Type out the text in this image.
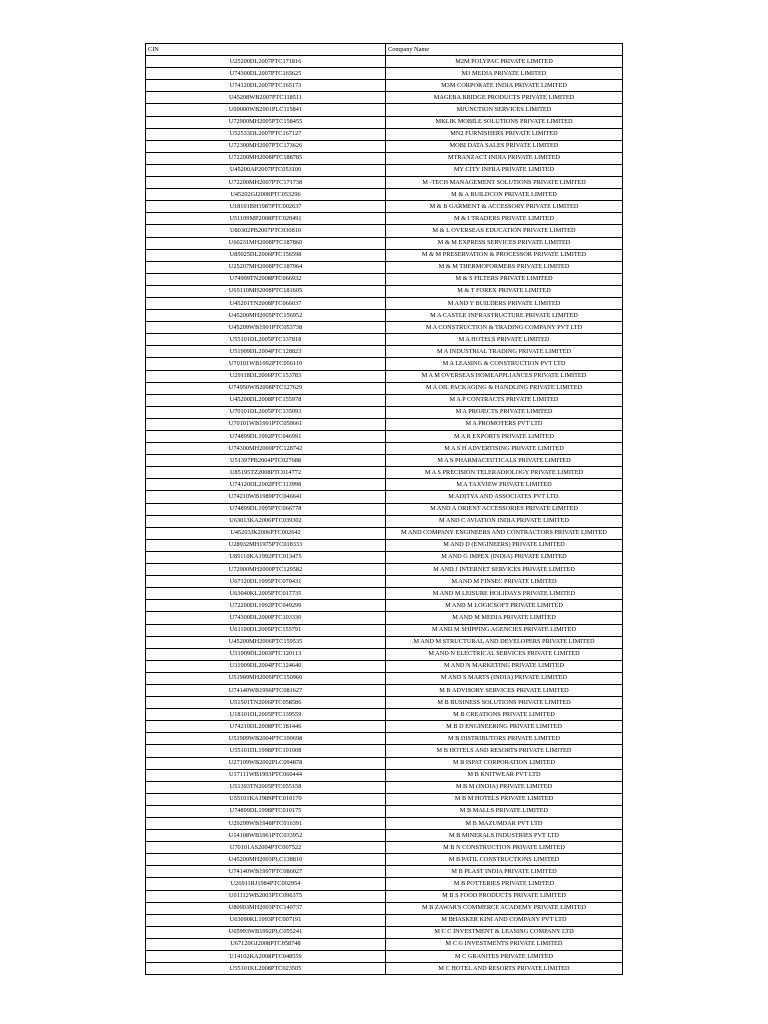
CIN	Company Name
U25200DL2007PTC171816	M2M POLYPAC PRIVATE LIMITED
U74300DL2007PTC165625	M3 MEDIA PRIVATE LIMITED
U74120DL2007PTC165173	M3M CORPORATE INDIA PRIVATE LIMITED
U45208WB2007PTC118511	MAGEBA BRIDGE PRODUCTS PRIVATE LIMITED
U00000WB2001PLC115841	MJUNCTION SERVICES LIMITED
U72900MH2005PTC158455	MKLIK MOBILE SOLUTIONS PRIVATE LIMITED
U52533DL2007PTC167127	MN2 FURNISHERS PRIVATE LIMITED
U72300MH2007PTC173626	MOBI DATA SALES PRIVATE LIMITED
U72200MH2008PTC188785	MTRANZACT INDIA PRIVATE LIMITED
U45200AP2007PTC053100	MY CITY INFRA PRIVATE LIMITED
U72200MH2007PTC171738	M -TECH MANAGEMENT SOLUTIONS PRIVATE LIMITED
U45202GJ2008PTC053296	M & A BUILDCON PRIVATE LIMITED
U18101BH1987PTC002637	M & B GARMENT & ACCESSORY PRIVATE LIMITED
U51109MP2008PTC020491	M & I TRADERS PRIVATE LIMITED
U80302PB2007PTC030810	M & L OVERSEAS EDUCATION PRIVATE LIMITED
U60231MH2008PTC187860	M & M EXPRESS SERVICES PRIVATE LIMITED
U85025DL2006PTC156598	M & M PRESERVATION & PROCESSOR PRIVATE LIMITED
U25207MH2008PTC187964	M & M THERMOFORMERS PRIVATE LIMITED
U74999TN2008PTC066932	M & S FILTERS PRIVATE LIMITED
U65110MH2008PTC181605	M & T FOREX PRIVATE LIMITED
U45201TN2008PTC066037	M AND Y BUILDERS PRIVATE LIMITED
U45200MH2005PTC156952	M A CASTLE INFRASTRUCTURE PRIVATE LIMITED
U45209WB1991PTC053738	M A CONSTRUCTION & TRADING COMPANY PVT LTD
U55101DL2005PTC137818	M A HOTELS PRIVATE LIMITED
U51909DL2004PTC128823	M A INDUSTRIAL TRADING PRIVATE LIMITED
U70101WB1992PTC056110	M A LEASING & CONSTRUCTION PVT LTD
U29118DL2006PTC153783	M A M OVERSEAS HOMEAPPLIANCES PRIVATE LIMITED
U74950WB2008PTC127629	M A OIL PACKAGING & HANDLING PRIVATE LIMITED
U45200DL2008PTC155978	M A P CONTRACTS PRIVATE LIMITED
U70101DL2005PTC135093	M A PROJECTS PRIVATE LIMITED
U70101WB1991PTC050661	M A PROMOTERS PVT LTD
U74899DL1992PTC046991	M A R EXPORTS PRIVATE LIMITED
U74300MH2000PTC128742	M A S H ADVERTISING PRIVATE LIMITED
U51397PB2004PTC027688	M A S PHARMACEUTICALS PRIVATE LIMITED
U85195TZ2008PTC014772	M A S PRECISION TELERADIOLOGY PRIVATE LIMITED
U74120DL2002PTC113998	M A TAXVIEW PRIVATE LIMITED
U74210WB1989PTC046641	M ADITYA AND ASSOCIATES PVT LTD.
U74899DL1995PTC066778	M AND A ORIENT ACCESSORIES PRIVATE LIMITED
U63013KA2006PTC039302	M AND C AVIATION INDIA PRIVATE LIMITED
U45203JK2006PTC002642	M AND COMPANY ENGINEERS AND CONTRACTORS PRIVATE LIMITED
U28932MH1975PTC018333	M AND D (ENGINEERS) PRIVATE LIMITED
U85110KA1992PTC013475	M AND G IMPEX (INDIA) PRIVATE LIMITED
U72900MH2000PTC129582	M AND J INTERNET SERVICES PRIVATE LIMITED
U67120DL1995PTC070431	M AND M FINSEC PRIVATE LIMITED
U63040KL2005PTC017735	M AND M LEISURE HOLIDAYS PRIVATE LIMITED
U72200DL1992PTC049299	M AND M LOGICSOFT PRIVATE LIMITED
U74300DL2000PTC103330	M AND M MEDIA PRIVATE LIMITED
U61100DL2005PTC155791	M AND M SHIPPING AGENCIES PRIVATE LIMITED
U45200MH2006PTC159535	M AND M STRUCTURAL AND DEVELOPERS PRIVATE LIMITED
U31909DL2003PTC120113	M AND N ELECTRICAL SERVICES PRIVATE LIMITED
U31909DL2004PTC124640	M AND N MARKETING PRIVATE LIMITED
U51909MH2005PTC150960	M AND S MARTS (INDIA) PRIVATE LIMITED
U74140WB1996PTC081627	M B ADVISORY SERVICES PRIVATE LIMITED
U51501TN2006PTC058586	M B BUSINESS SOLUTIONS PRIVATE LIMITED
U18101DL2005PTC139559	M B CREATIONS PRIVATE LIMITED
U74210DL2008PTC181446	M B D ENGINEERING PRIVATE LIMITED
U51909WB2004PTC100698	M B DISTRIBUTORS PRIVATE LIMITED
U55101DL1998PTC101008	M B HOTELS AND RESORTS PRIVATE LIMITED
U27109WB2002PLC094878	M B ISPAT CORPORATION LIMITED
U17111WB1993PTC060444	M B KNITWEAR PVT LTD
U51393TN2005PTC055158	M B M (INDIA) PRIVATE LIMITED
U55101KA1989PTC010170	M B M HOTELS PRIVATE LIMITED
U74899DL1998PTC010175	M B MALLS PRIVATE LIMITED
U29299WB1948PTC016391	M B MAZUMDAR PVT LTD
U14108WB1961PTC033952	M B MINERALS INDUSTRIES PVT LTD
U70101AS2004PTC007522	M B N CONSTRUCTION PRIVATE LIMITED
U45200MH2003PLC138810	M B PATIL CONSTRUCTIONS LIMITED
U74140WB1997PTC086027	M B PLAST INDIA PRIVATE LIMITED
U26911RJ1984PTC002954	M B POTTERIES PRIVATE LIMITED
U01112WB2003PTC096375	M B S FOOD PRODUCTS PRIVATE LIMITED
U80903MH2003PTC140737	M B ZAWAR'S COMMERCE ACADEMY PRIVATE LIMITED
U63090KL1993PTC007191	M BHASKER KINI AND COMPANY PVT LTD
U65993WB1992PLC055241	M C C INVESTMENT & LEASING COMPANY LTD
U67120GJ2008PTC058748	M C G INVESTMENTS PRIVATE LIMITED
U14102KA2008PTC048559	M C GRANITES PRIVATE LIMITED
U55101KL2008PTC023505	M C HOTEL AND RESORTS PRIVATE LIMITED
